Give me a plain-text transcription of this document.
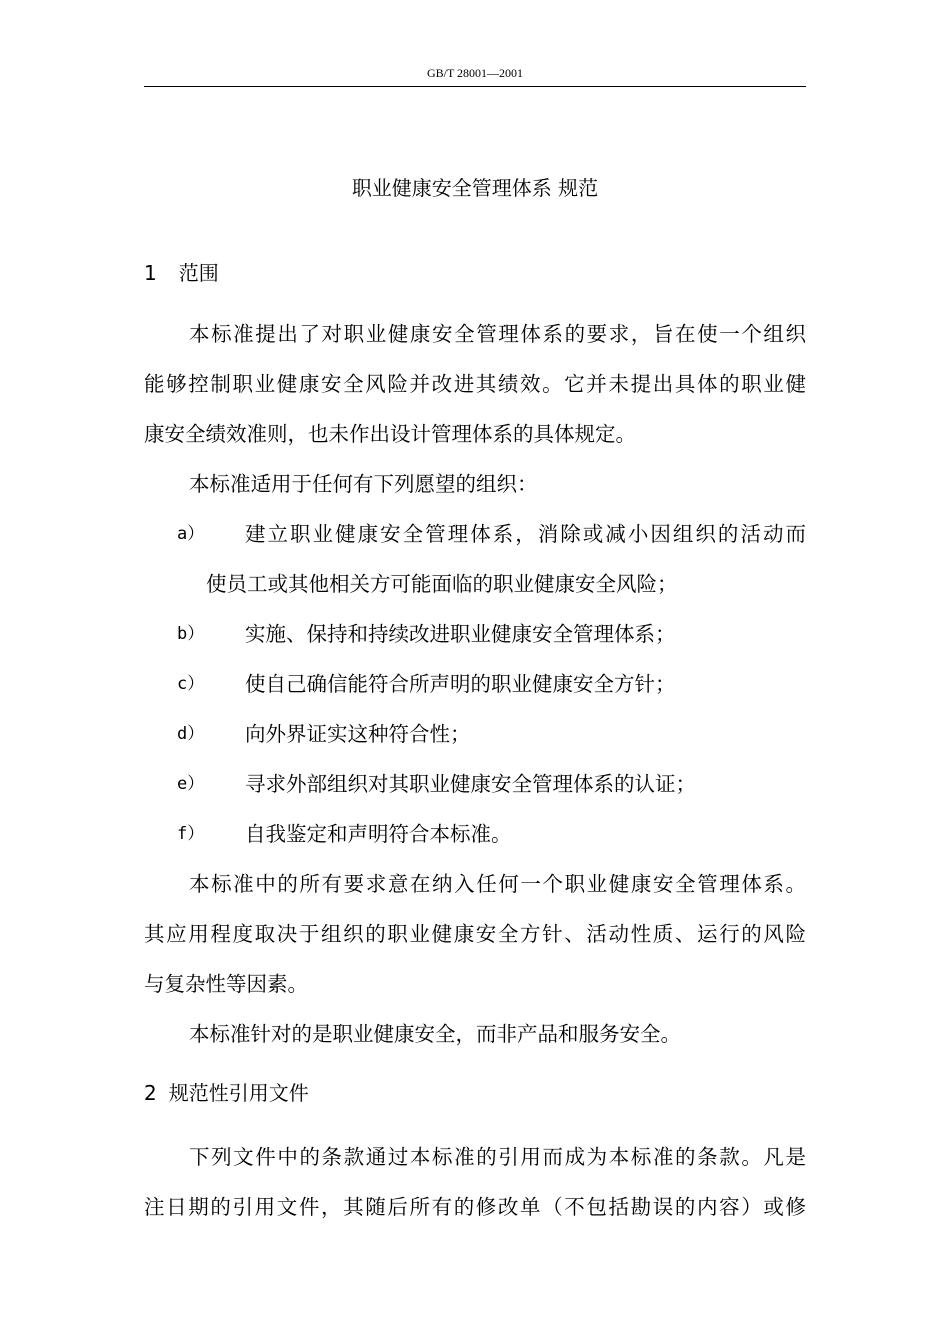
GB/T 28001—2001
职业健康安全管理体系 规范
1 范围
本标准提出了对职业健康安全管理体系的要求，旨在使一个组织
能够控制职业健康安全风险并改进其绩效。它并未提出具体的职业健
康安全绩效准则，也未作出设计管理体系的具体规定。
本标准适用于任何有下列愿望的组织：
a） 建立职业健康安全管理体系，消除或减小因组织的活动而
使员工或其他相关方可能面临的职业健康安全风险；
b） 实施、保持和持续改进职业健康安全管理体系；
c） 使自己确信能符合所声明的职业健康安全方针；
d） 向外界证实这种符合性；
e） 寻求外部组织对其职业健康安全管理体系的认证；
f） 自我鉴定和声明符合本标准。
本标准中的所有要求意在纳入任何一个职业健康安全管理体系。
其应用程度取决于组织的职业健康安全方针、活动性质、运行的风险
与复杂性等因素。
本标准针对的是职业健康安全，而非产品和服务安全。
2 规范性引用文件
下列文件中的条款通过本标准的引用而成为本标准的条款。凡是
注日期的引用文件，其随后所有的修改单（不包括勘误的内容）或修
